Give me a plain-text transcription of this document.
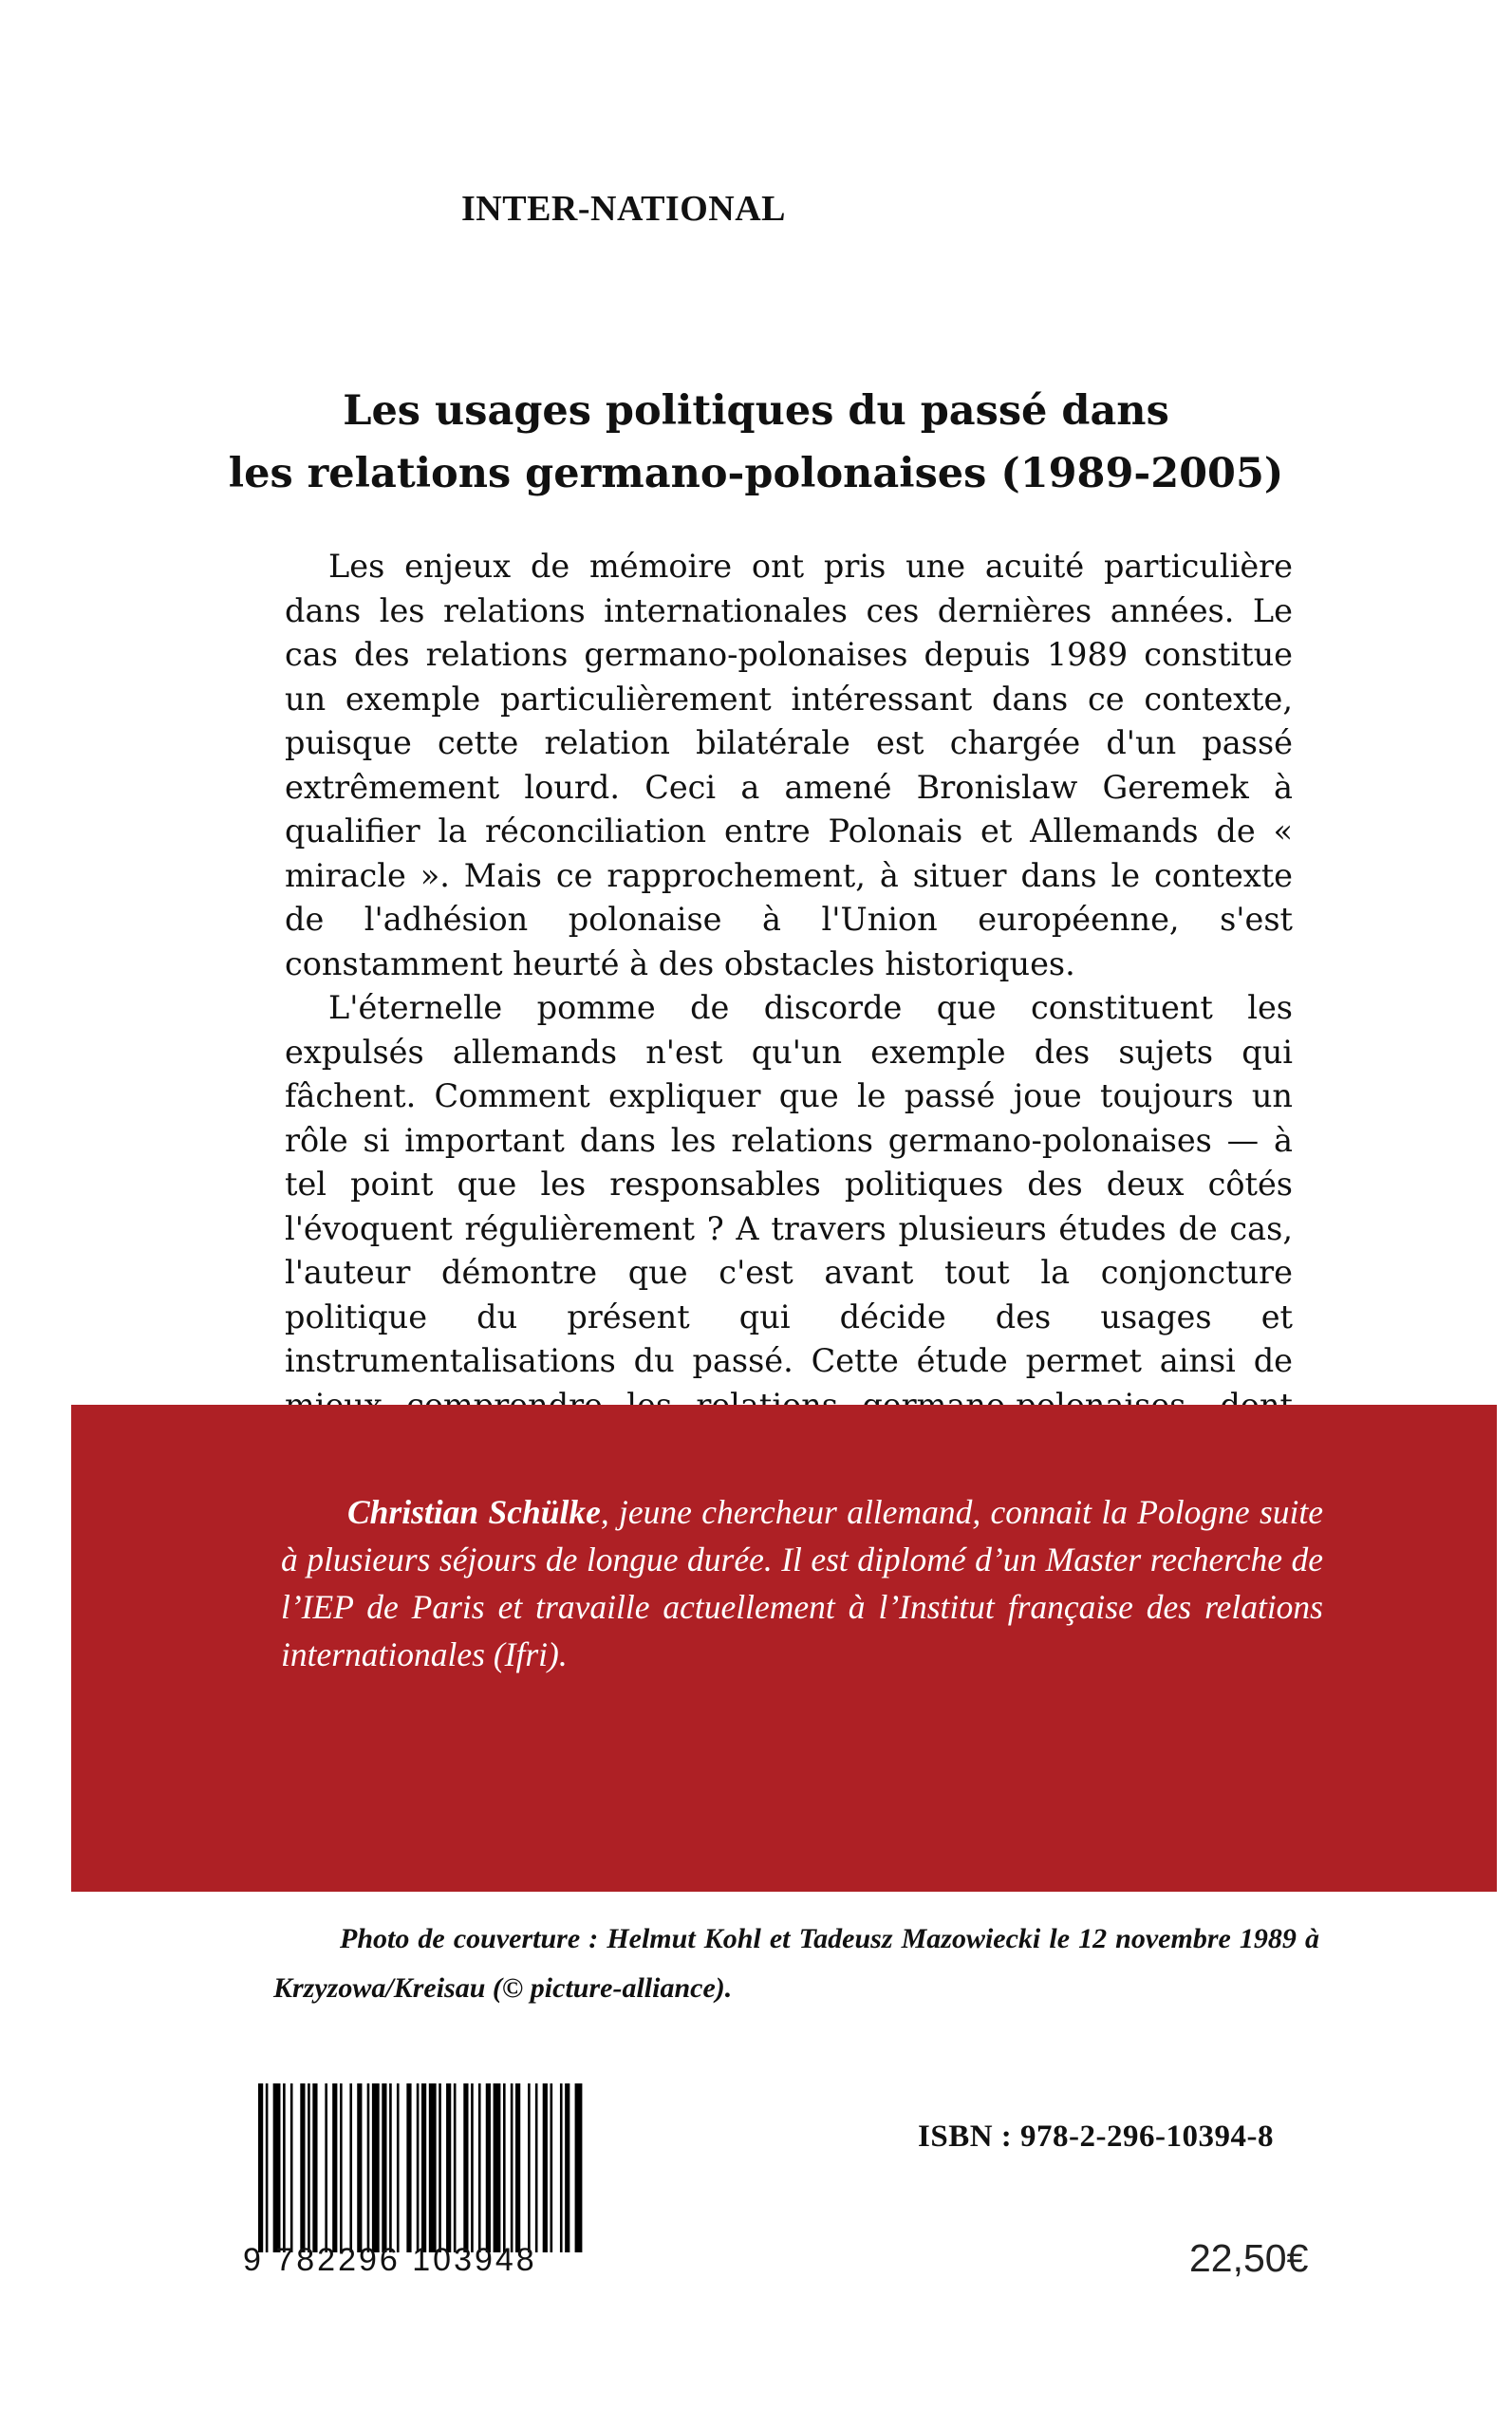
INTER-NATIONAL
Les usages politiques du passé dans
les relations germano-polonaises (1989-2005)

Les enjeux de mémoire ont pris une acuité particulière dans les relations internationales ces dernières années. Le cas des relations germano-polonaises depuis 1989 constitue un exemple particulièrement intéressant dans ce contexte, puisque cette relation bilatérale est chargée d'un passé extrêmement lourd. Ceci a amené Bronislaw Geremek à qualifier la réconciliation entre Polonais et Allemands de « miracle ». Mais ce rapprochement, à situer dans le contexte de l'adhésion polonaise à l'Union européenne, s'est constamment heurté à des obstacles historiques.

L'éternelle pomme de discorde que constituent les expulsés allemands n'est qu'un exemple des sujets qui fâchent. Comment expliquer que le passé joue toujours un rôle si important dans les relations germano-polonaises — à tel point que les responsables politiques des deux côtés l'évoquent régulièrement ? A travers plusieurs études de cas, l'auteur démontre que c'est avant tout la conjoncture politique du présent qui décide des usages et instrumentalisations du passé. Cette étude permet ainsi de

Christian Schülke, jeune chercheur allemand, connait la Pologne suite à plusieurs séjours de longue durée. Il est diplomé d’un Master recherche de l’IEP de Paris et travaille actuellement à l’Institut française des relations internationales (Ifri).

Photo de couverture : Helmut Kohl et Tadeusz Mazowiecki le 12 novembre 1989 à Krzyzowa/Kreisau (© picture-alliance).

9 782296 103948
ISBN : 978-2-296-10394-8
22,50€
